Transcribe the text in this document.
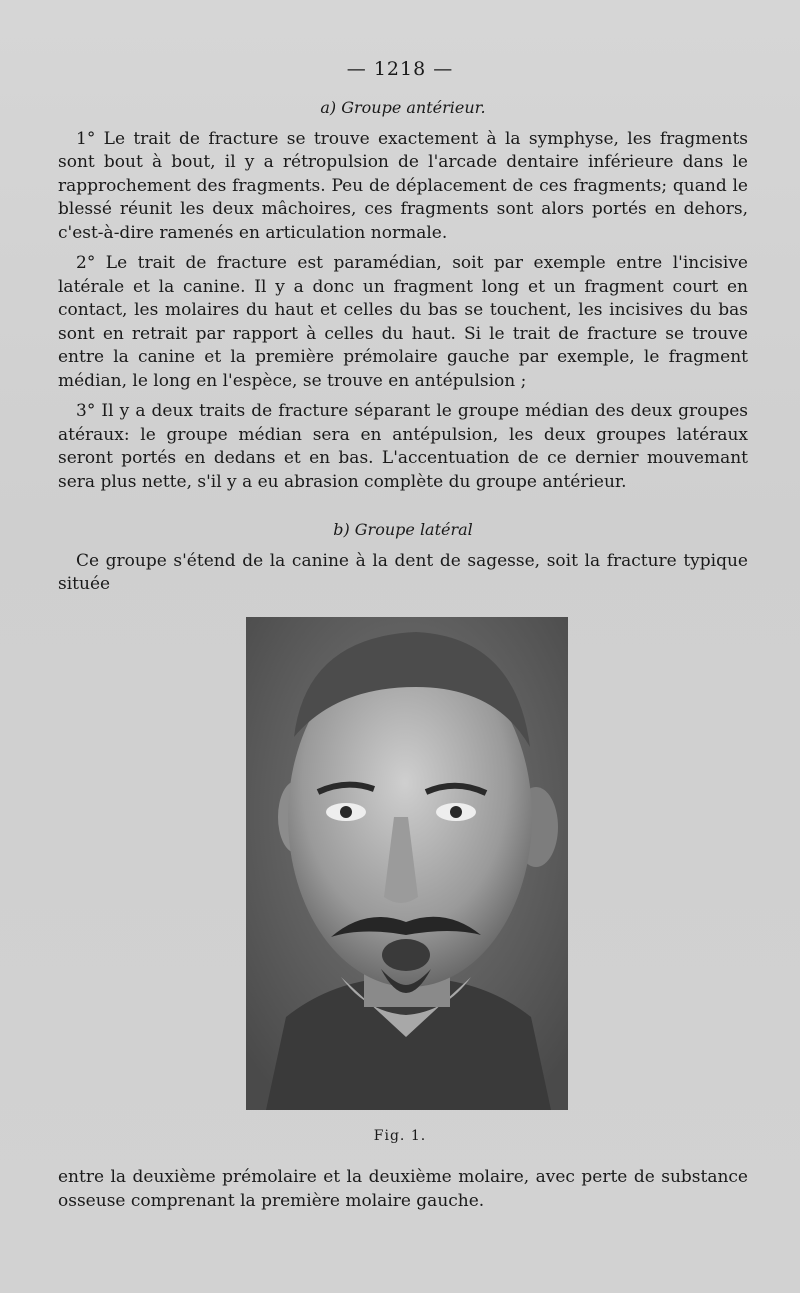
— 1218 —
a) Groupe antérieur.

1° Le trait de fracture se trouve exactement à la symphyse, les fragments sont bout à bout, il y a rétropulsion de l'arcade dentaire inférieure dans le rapprochement des fragments. Peu de déplacement de ces fragments; quand le blessé réunit les deux mâchoires, ces fragments sont alors portés en dehors, c'est-à-dire ramenés en articulation normale.

2° Le trait de fracture est paramédian, soit par exemple entre l'incisive latérale et la canine. Il y a donc un fragment long et un fragment court en contact, les molaires du haut et celles du bas se touchent, les incisives du bas sont en retrait par rapport à celles du haut. Si le trait de fracture se trouve entre la canine et la première prémolaire gauche par exemple, le fragment médian, le long en l'espèce, se trouve en antépulsion ;

3° Il y a deux traits de fracture séparant le groupe médian des deux groupes atéraux: le groupe médian sera en antépulsion, les deux groupes latéraux seront portés en dedans et en bas. L'accentuation de ce dernier mouvemant sera plus nette, s'il y a eu abrasion complète du groupe antérieur.

b) Groupe latéral

Ce groupe s'étend de la canine à la dent de sagesse, soit la fracture typique située

Fig. 1.

entre la deuxième prémolaire et la deuxième molaire, avec perte de substance osseuse comprenant la première molaire gauche.
